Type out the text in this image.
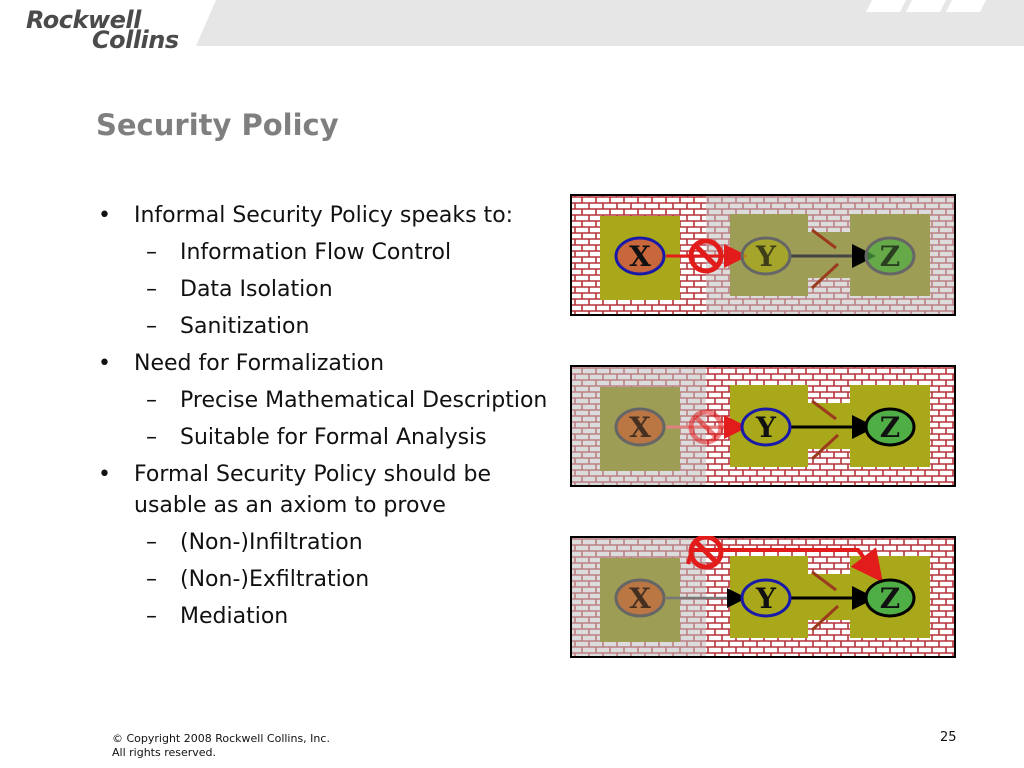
Rockwell
Collins
Security Policy
• Informal Security Policy speaks to:
– Information Flow Control
– Data Isolation
– Sanitization
• Need for Formalization
– Precise Mathematical Description
– Suitable for Formal Analysis
• Formal Security Policy should be usable as an axiom to prove
– (Non-)Infiltration
– (Non-)Exfiltration
– Mediation
X	Y	Z
X	Y	Z
X	Y	Z
© Copyright 2008 Rockwell Collins, Inc.
All rights reserved.
25
